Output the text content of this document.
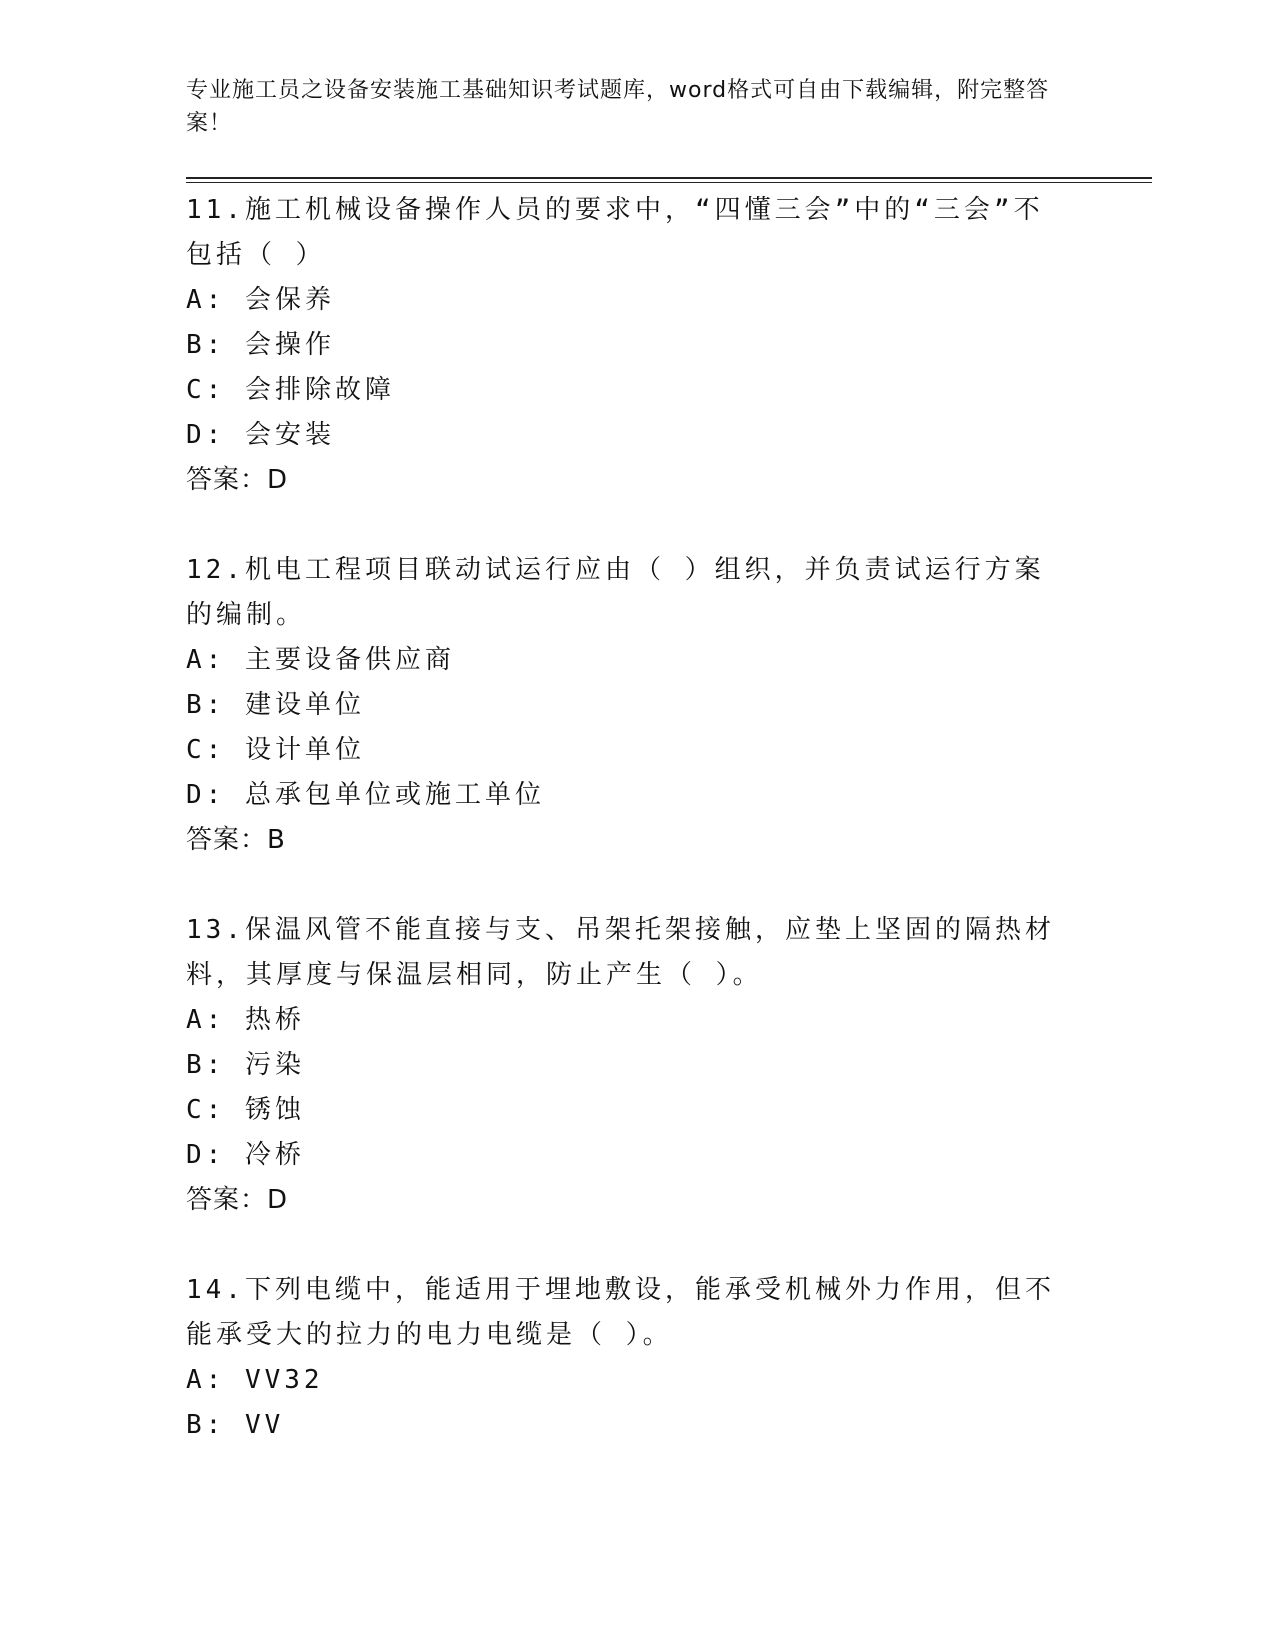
专业施工员之设备安装施工基础知识考试题库，word格式可自由下载编辑，附完整答案！

11.施工机械设备操作人员的要求中，“四懂三会”中的“三会”不包括（ ）

A: 会保养

B: 会操作

C: 会排除故障

D: 会安装

答案：D

12.机电工程项目联动试运行应由（ ）组织，并负责试运行方案的编制。

A: 主要设备供应商

B: 建设单位

C: 设计单位

D: 总承包单位或施工单位

答案：B

13.保温风管不能直接与支、吊架托架接触，应垫上坚固的隔热材料，其厚度与保温层相同，防止产生（ ）。

A: 热桥

B: 污染

C: 锈蚀

D: 冷桥

答案：D

14.下列电缆中，能适用于埋地敷设，能承受机械外力作用，但不能承受大的拉力的电力电缆是（ ）。

A: VV32

B: VV
